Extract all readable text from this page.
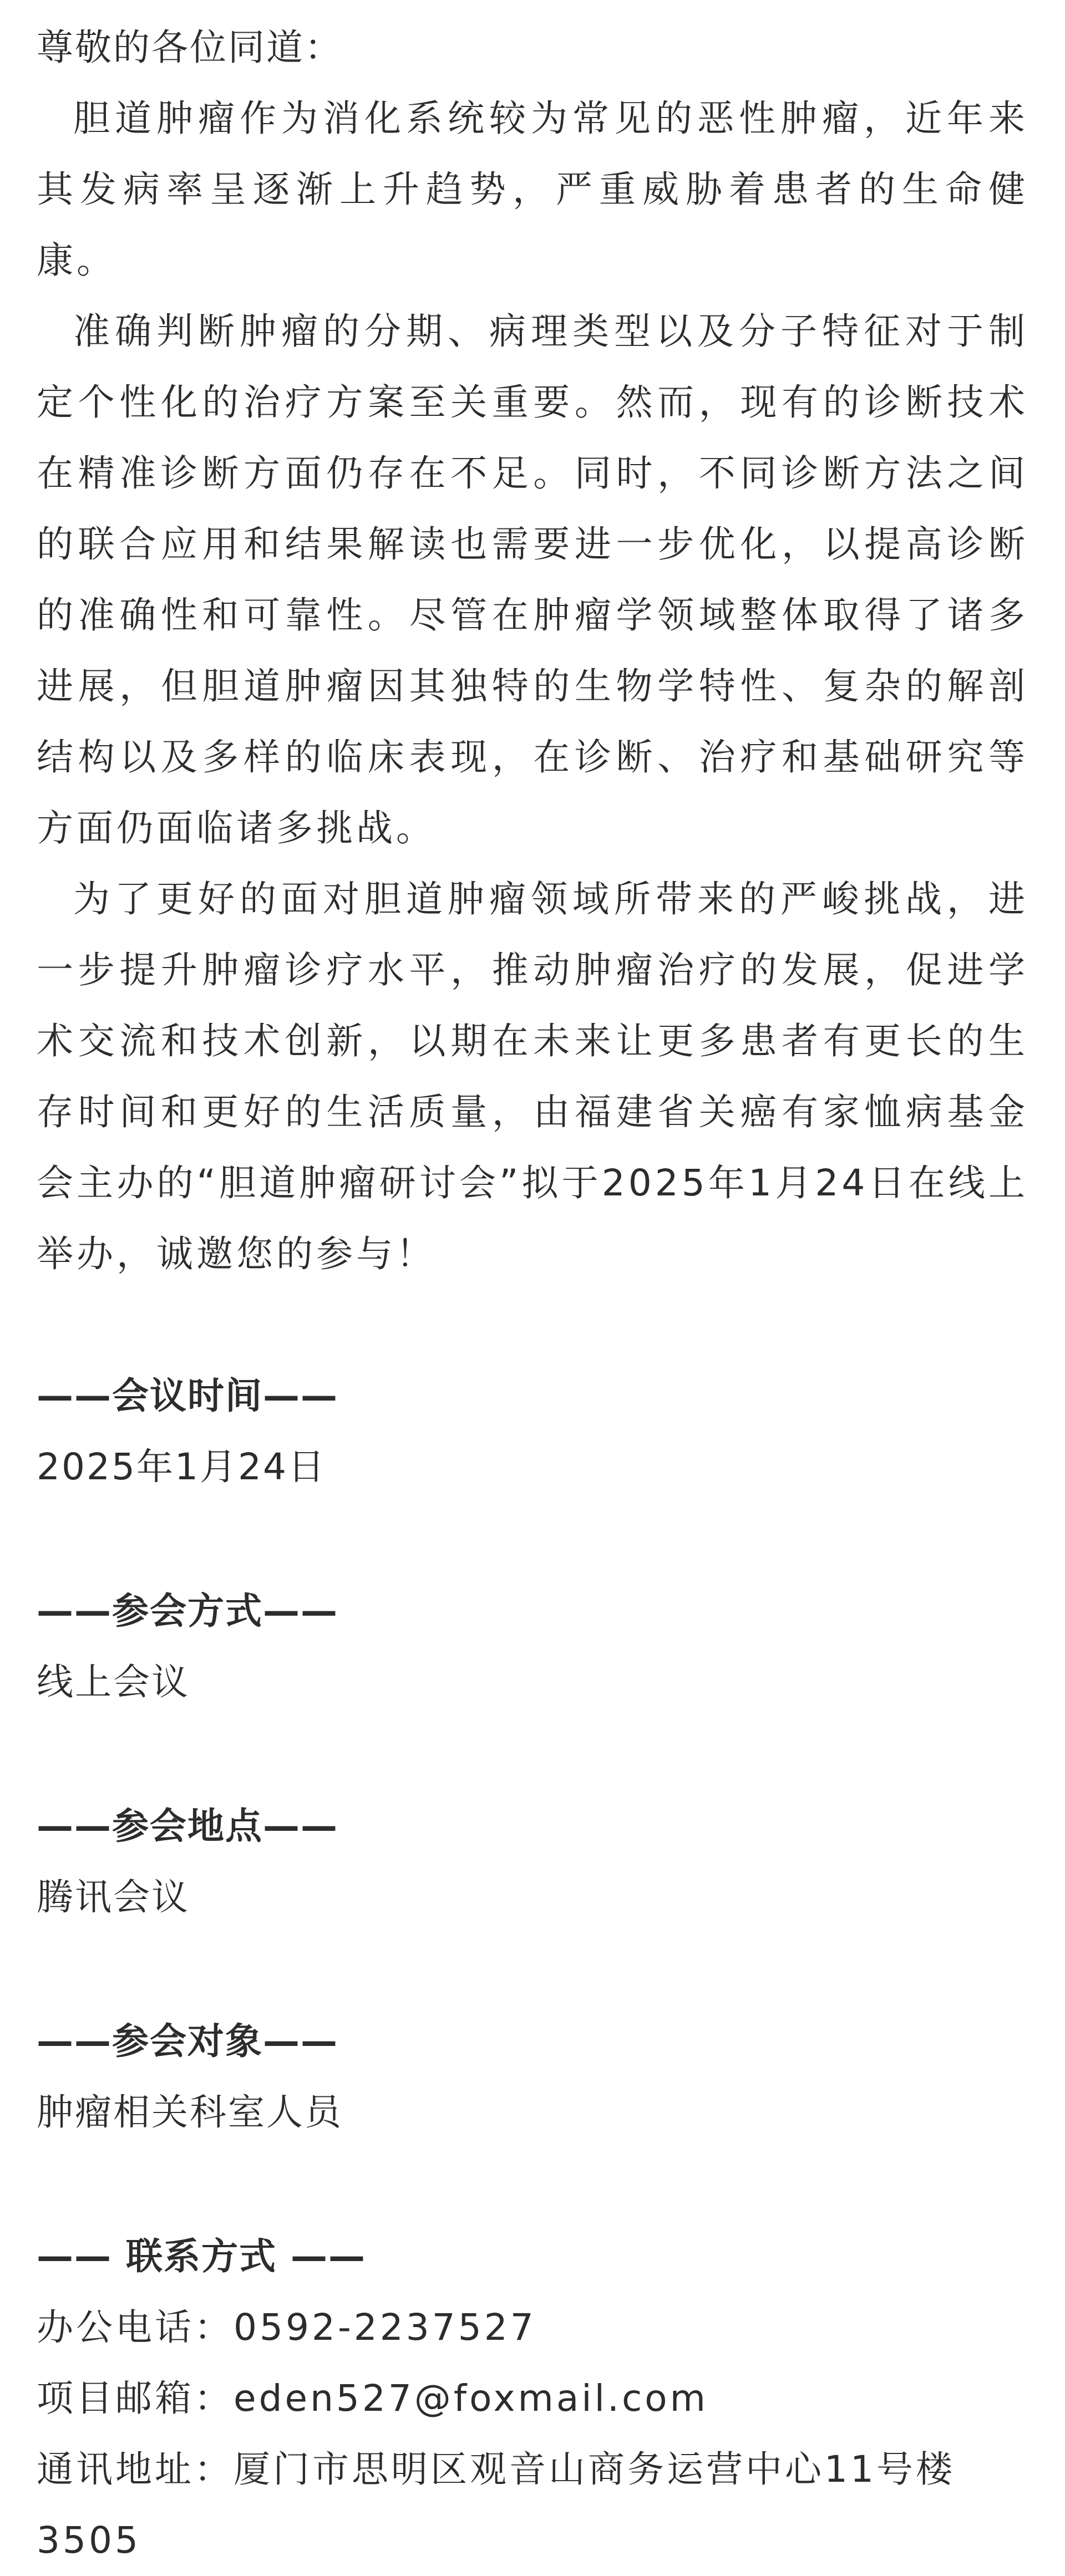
尊敬的各位同道：

胆道肿瘤作为消化系统较为常见的恶性肿瘤，近年来其发病率呈逐渐上升趋势，严重威胁着患者的生命健康。

准确判断肿瘤的分期、病理类型以及分子特征对于制定个性化的治疗方案至关重要。然而，现有的诊断技术在精准诊断方面仍存在不足。同时，不同诊断方法之间的联合应用和结果解读也需要进一步优化，以提高诊断的准确性和可靠性。尽管在肿瘤学领域整体取得了诸多进展，但胆道肿瘤因其独特的生物学特性、复杂的解剖结构以及多样的临床表现，在诊断、治疗和基础研究等方面仍面临诸多挑战。

为了更好的面对胆道肿瘤领域所带来的严峻挑战，进一步提升肿瘤诊疗水平，推动肿瘤治疗的发展，促进学术交流和技术创新，以期在未来让更多患者有更长的生存时间和更好的生活质量，由福建省关癌有家恤病基金会主办的“胆道肿瘤研讨会”拟于2025年1月24日在线上举办，诚邀您的参与！

——会议时间——

2025年1月24日

——参会方式——

线上会议

——参会地点——

腾讯会议

——参会对象——

肿瘤相关科室人员

—— 联系方式 ——

办公电话：0592-2237527

项目邮箱：eden527@foxmail.com

通讯地址：厦门市思明区观音山商务运营中心11号楼3505
